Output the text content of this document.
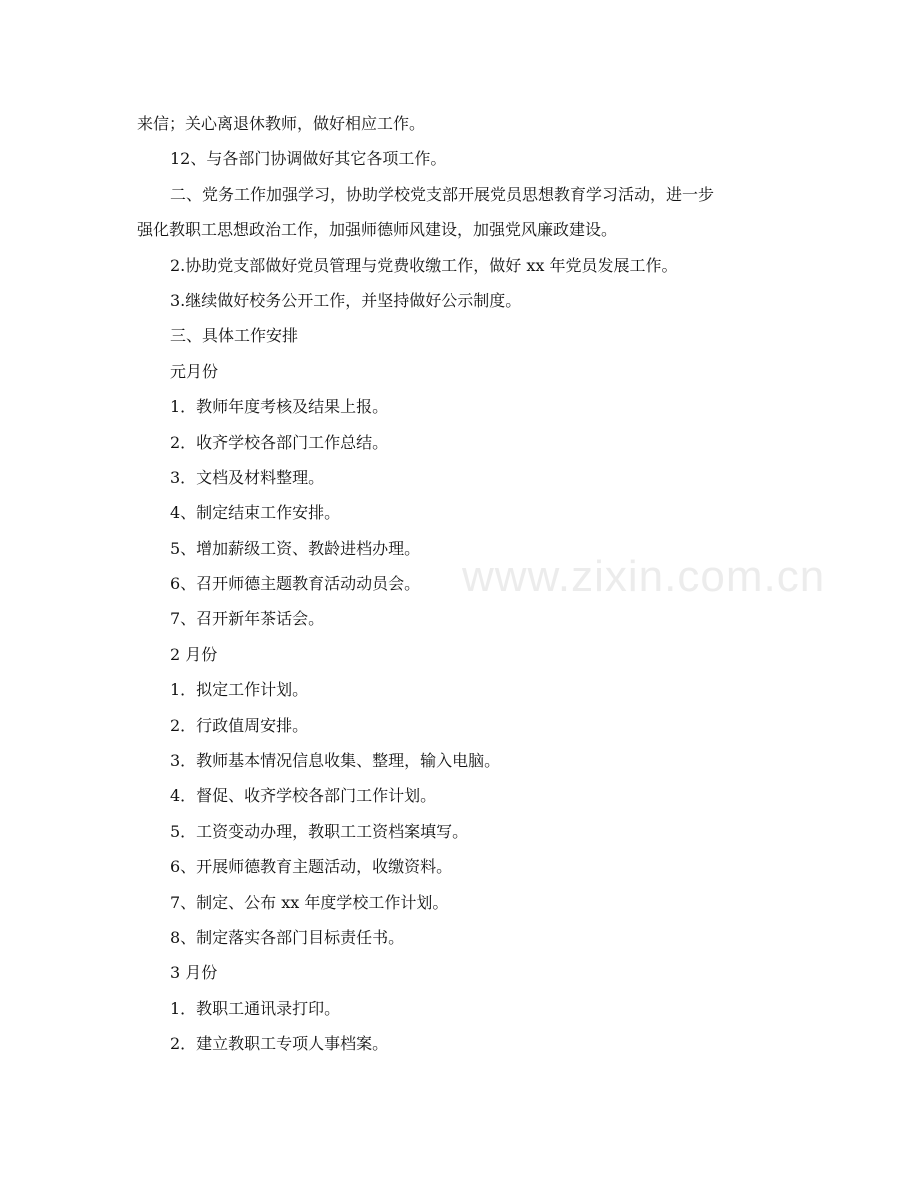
来信；关心离退休教师，做好相应工作。
12、与各部门协调做好其它各项工作。
二、党务工作加强学习，协助学校党支部开展党员思想教育学习活动，进一步
强化教职工思想政治工作，加强师德师风建设，加强党风廉政建设。
2.协助党支部做好党员管理与党费收缴工作，做好 xx 年党员发展工作。
3.继续做好校务公开工作，并坚持做好公示制度。
三、具体工作安排
元月份
1．教师年度考核及结果上报。
2．收齐学校各部门工作总结。
3．文档及材料整理。
4、制定结束工作安排。
5、增加薪级工资、教龄进档办理。
6、召开师德主题教育活动动员会。
7、召开新年茶话会。
2 月份
1．拟定工作计划。
2．行政值周安排。
3．教师基本情况信息收集、整理，输入电脑。
4．督促、收齐学校各部门工作计划。
5．工资变动办理，教职工工资档案填写。
6、开展师德教育主题活动，收缴资料。
7、制定、公布 xx 年度学校工作计划。
8、制定落实各部门目标责任书。
3 月份
1．教职工通讯录打印。
2．建立教职工专项人事档案。
www.zixin.com.cn
